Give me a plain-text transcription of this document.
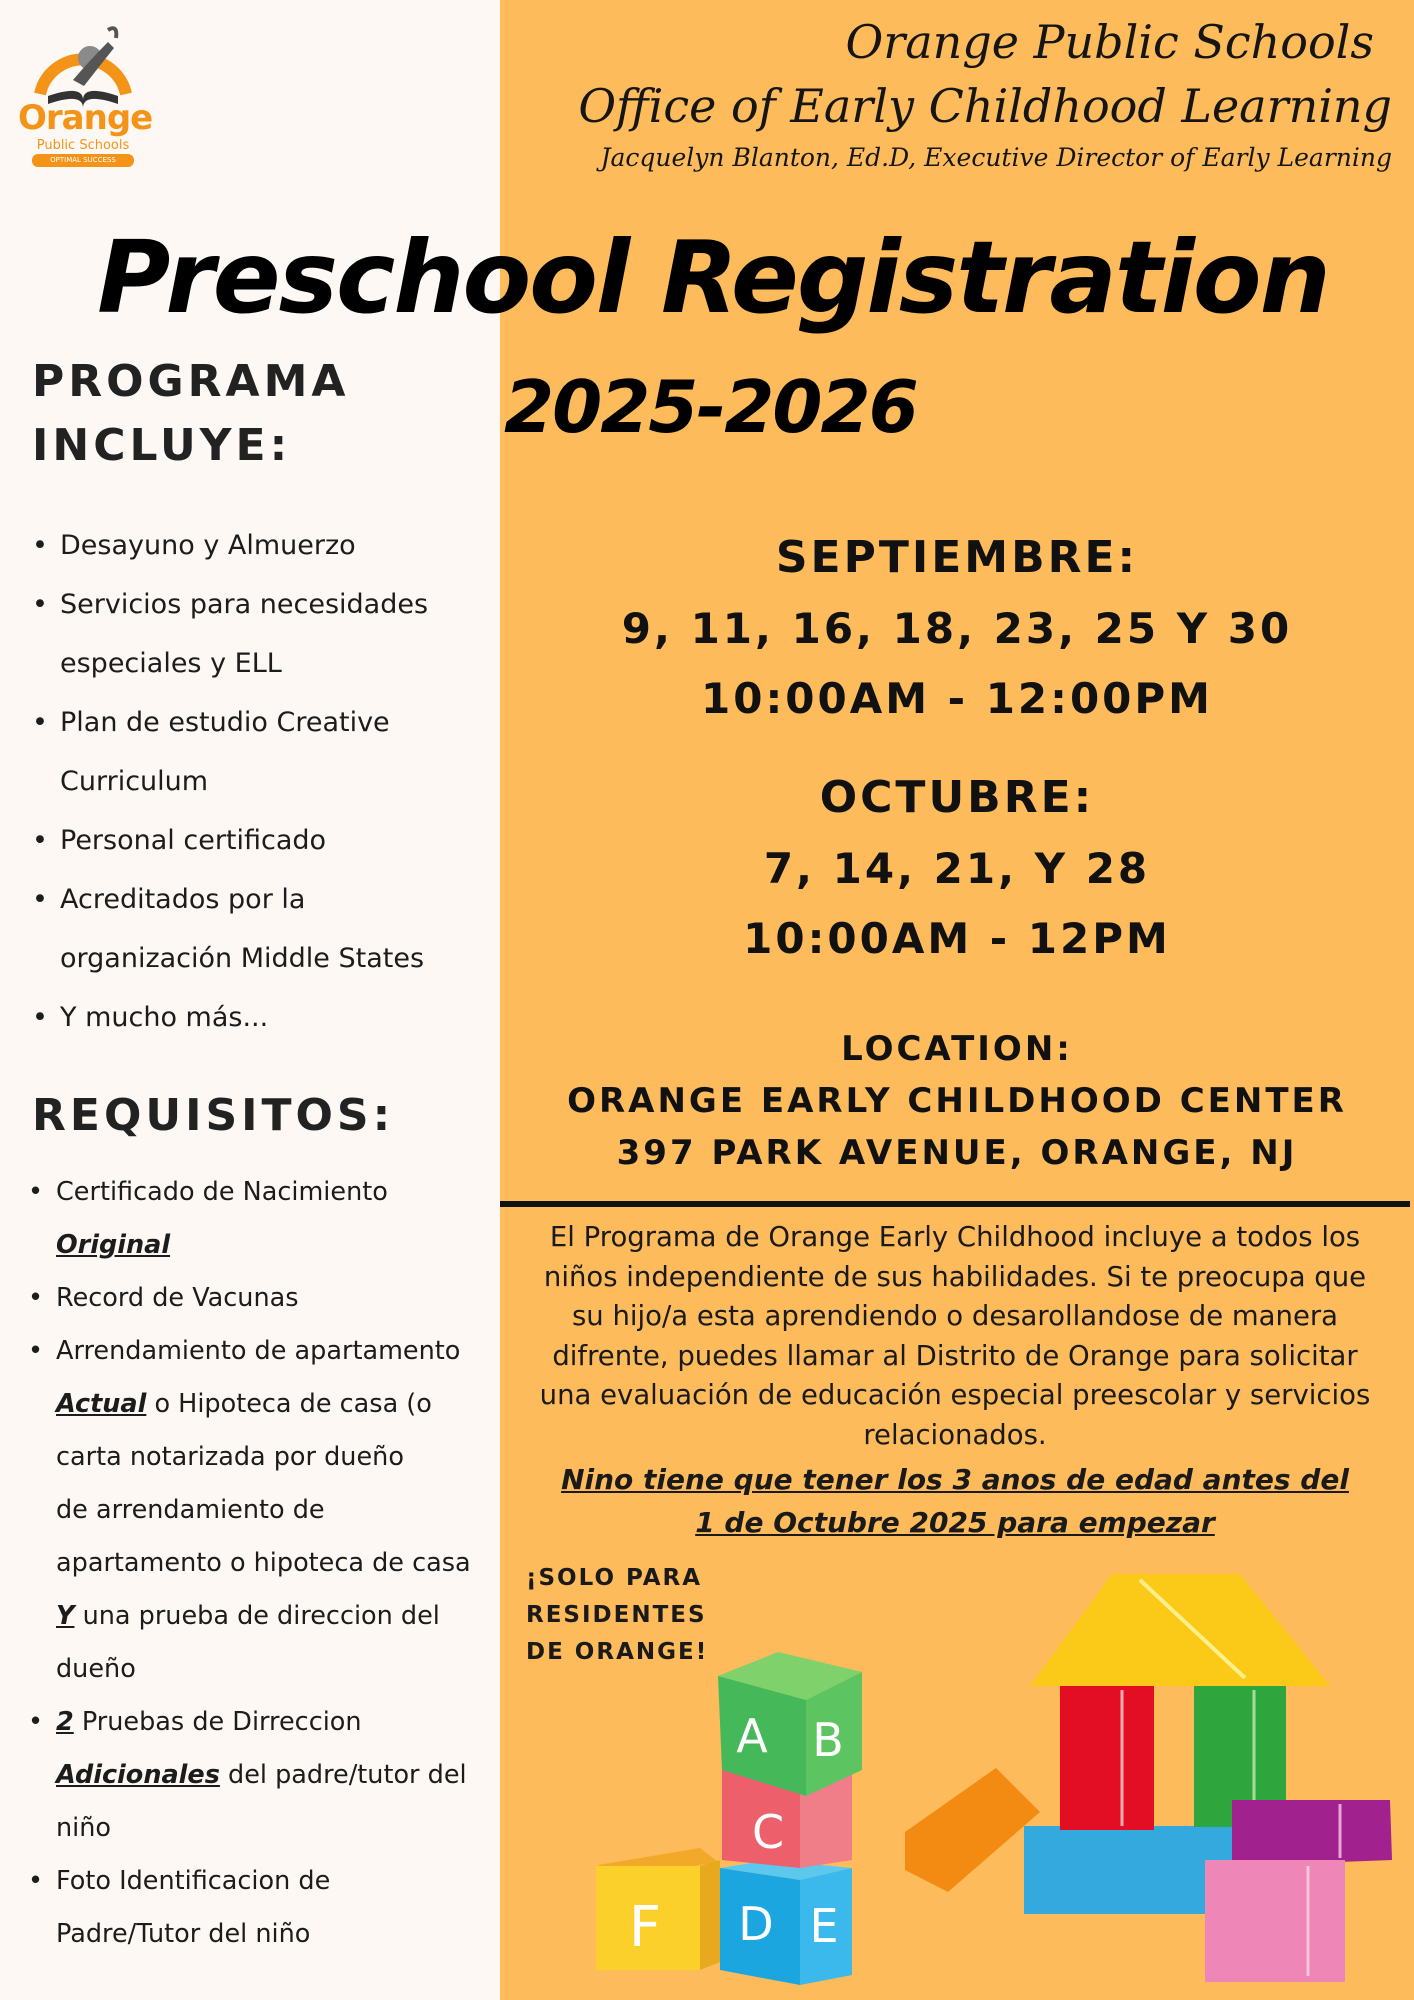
Orange
Public Schools
OPTIMAL SUCCESS
Orange Public Schools
Office of Early Childhood Learning
Jacquelyn Blanton, Ed.D, Executive Director of Early Learning
Preschool Registration
2025-2026
PROGRAMA
INCLUYE:
• Desayuno y Almuerzo
• Servicios para necesidades
especiales y ELL
• Plan de estudio Creative
Curriculum
• Personal certificado
• Acreditados por la
organización Middle States
• Y mucho más...
REQUISITOS:
• Certificado de Nacimiento
Original
• Record de Vacunas
• Arrendamiento de apartamento
Actual o Hipoteca de casa (o
carta notarizada por dueño
de arrendamiento de
apartamento o hipoteca de casa
Y una prueba de direccion del
dueño
• 2 Pruebas de Dirreccion
Adicionales del padre/tutor del
niño
• Foto Identificacion de
Padre/Tutor del niño
SEPTIEMBRE:
9, 11, 16, 18, 23, 25 Y 30
10:00AM - 12:00PM
OCTUBRE:
7, 14, 21, Y 28
10:00AM - 12PM
LOCATION:
ORANGE EARLY CHILDHOOD CENTER
397 PARK AVENUE, ORANGE, NJ
El Programa de Orange Early Childhood incluye a todos los
niños independiente de sus habilidades. Si te preocupa que
su hijo/a esta aprendiendo o desarollandose de manera
difrente, puedes llamar al Distrito de Orange para solicitar
una evaluación de educación especial preescolar y servicios
relacionados.
Nino tiene que tener los 3 anos de edad antes del
1 de Octubre 2025 para empezar
¡SOLO PARA
RESIDENTES
DE ORANGE!
F D E
C
A B
